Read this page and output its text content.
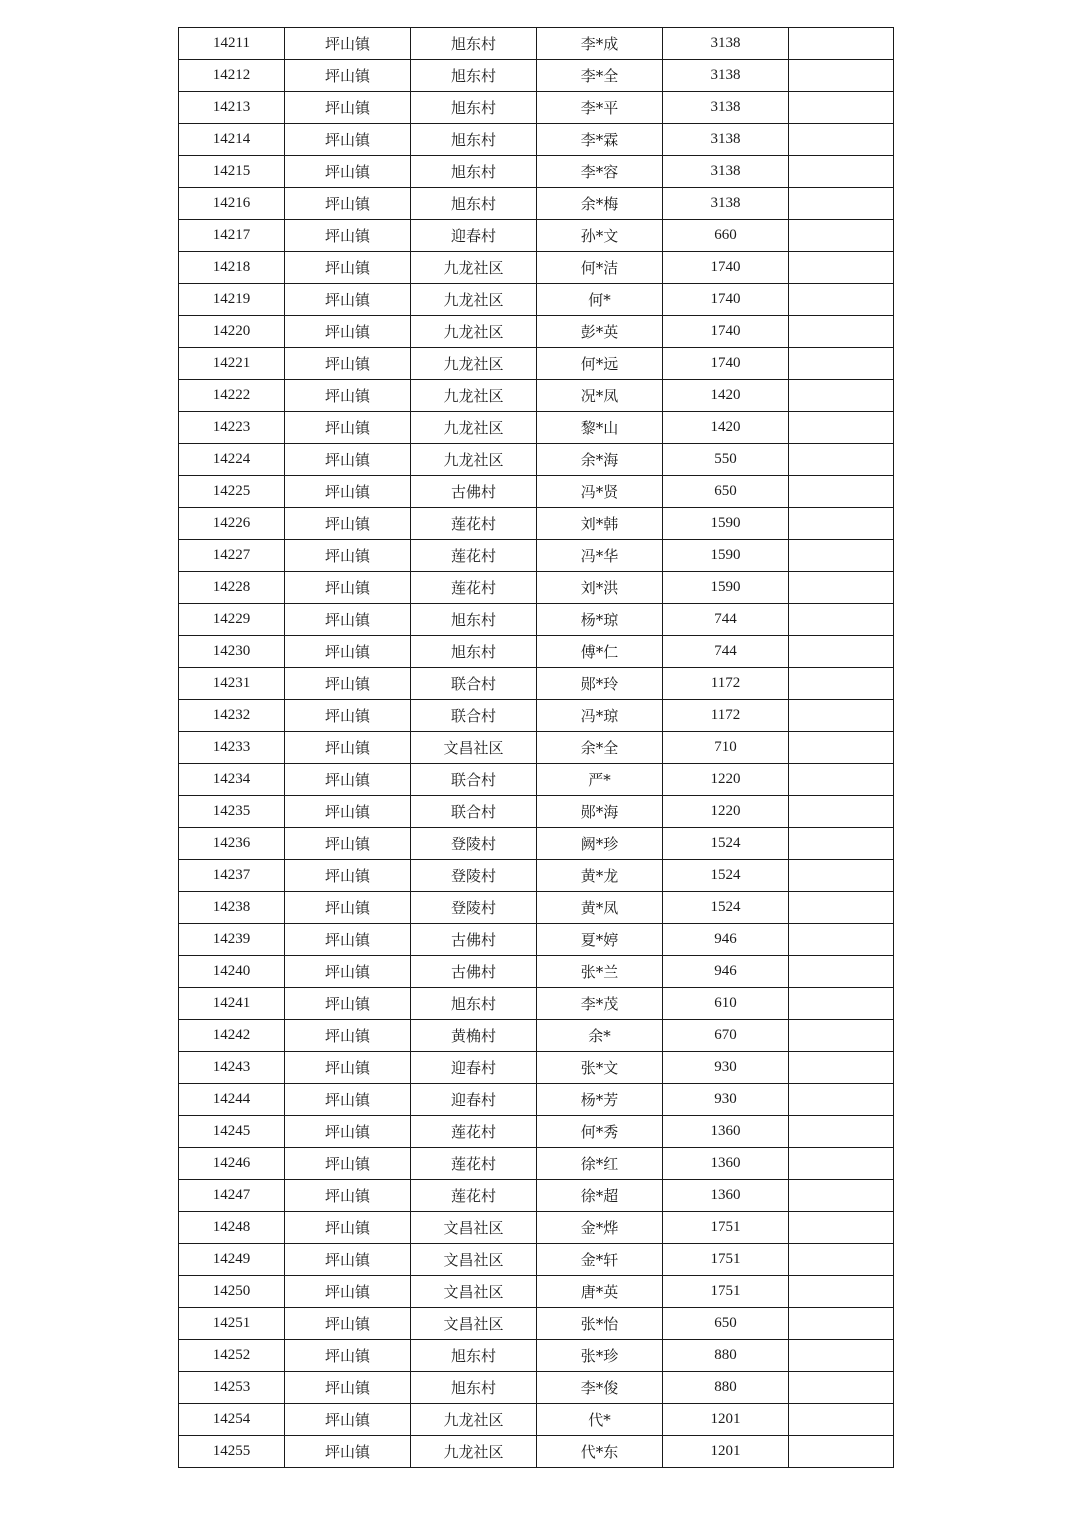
14211	坪山镇	旭东村	李*成	3138	
14212	坪山镇	旭东村	李*全	3138	
14213	坪山镇	旭东村	李*平	3138	
14214	坪山镇	旭东村	李*霖	3138	
14215	坪山镇	旭东村	李*容	3138	
14216	坪山镇	旭东村	余*梅	3138	
14217	坪山镇	迎春村	孙*文	660	
14218	坪山镇	九龙社区	何*洁	1740	
14219	坪山镇	九龙社区	何*	1740	
14220	坪山镇	九龙社区	彭*英	1740	
14221	坪山镇	九龙社区	何*远	1740	
14222	坪山镇	九龙社区	况*凤	1420	
14223	坪山镇	九龙社区	黎*山	1420	
14224	坪山镇	九龙社区	余*海	550	
14225	坪山镇	古佛村	冯*贤	650	
14226	坪山镇	莲花村	刘*韩	1590	
14227	坪山镇	莲花村	冯*华	1590	
14228	坪山镇	莲花村	刘*洪	1590	
14229	坪山镇	旭东村	杨*琼	744	
14230	坪山镇	旭东村	傅*仁	744	
14231	坪山镇	联合村	郧*玲	1172	
14232	坪山镇	联合村	冯*琼	1172	
14233	坪山镇	文昌社区	余*全	710	
14234	坪山镇	联合村	严*	1220	
14235	坪山镇	联合村	郧*海	1220	
14236	坪山镇	登陵村	阙*珍	1524	
14237	坪山镇	登陵村	黄*龙	1524	
14238	坪山镇	登陵村	黄*凤	1524	
14239	坪山镇	古佛村	夏*婷	946	
14240	坪山镇	古佛村	张*兰	946	
14241	坪山镇	旭东村	李*茂	610	
14242	坪山镇	黄桷村	余*	670	
14243	坪山镇	迎春村	张*文	930	
14244	坪山镇	迎春村	杨*芳	930	
14245	坪山镇	莲花村	何*秀	1360	
14246	坪山镇	莲花村	徐*红	1360	
14247	坪山镇	莲花村	徐*超	1360	
14248	坪山镇	文昌社区	金*烨	1751	
14249	坪山镇	文昌社区	金*轩	1751	
14250	坪山镇	文昌社区	唐*英	1751	
14251	坪山镇	文昌社区	张*怡	650	
14252	坪山镇	旭东村	张*珍	880	
14253	坪山镇	旭东村	李*俊	880	
14254	坪山镇	九龙社区	代*	1201	
14255	坪山镇	九龙社区	代*东	1201	
